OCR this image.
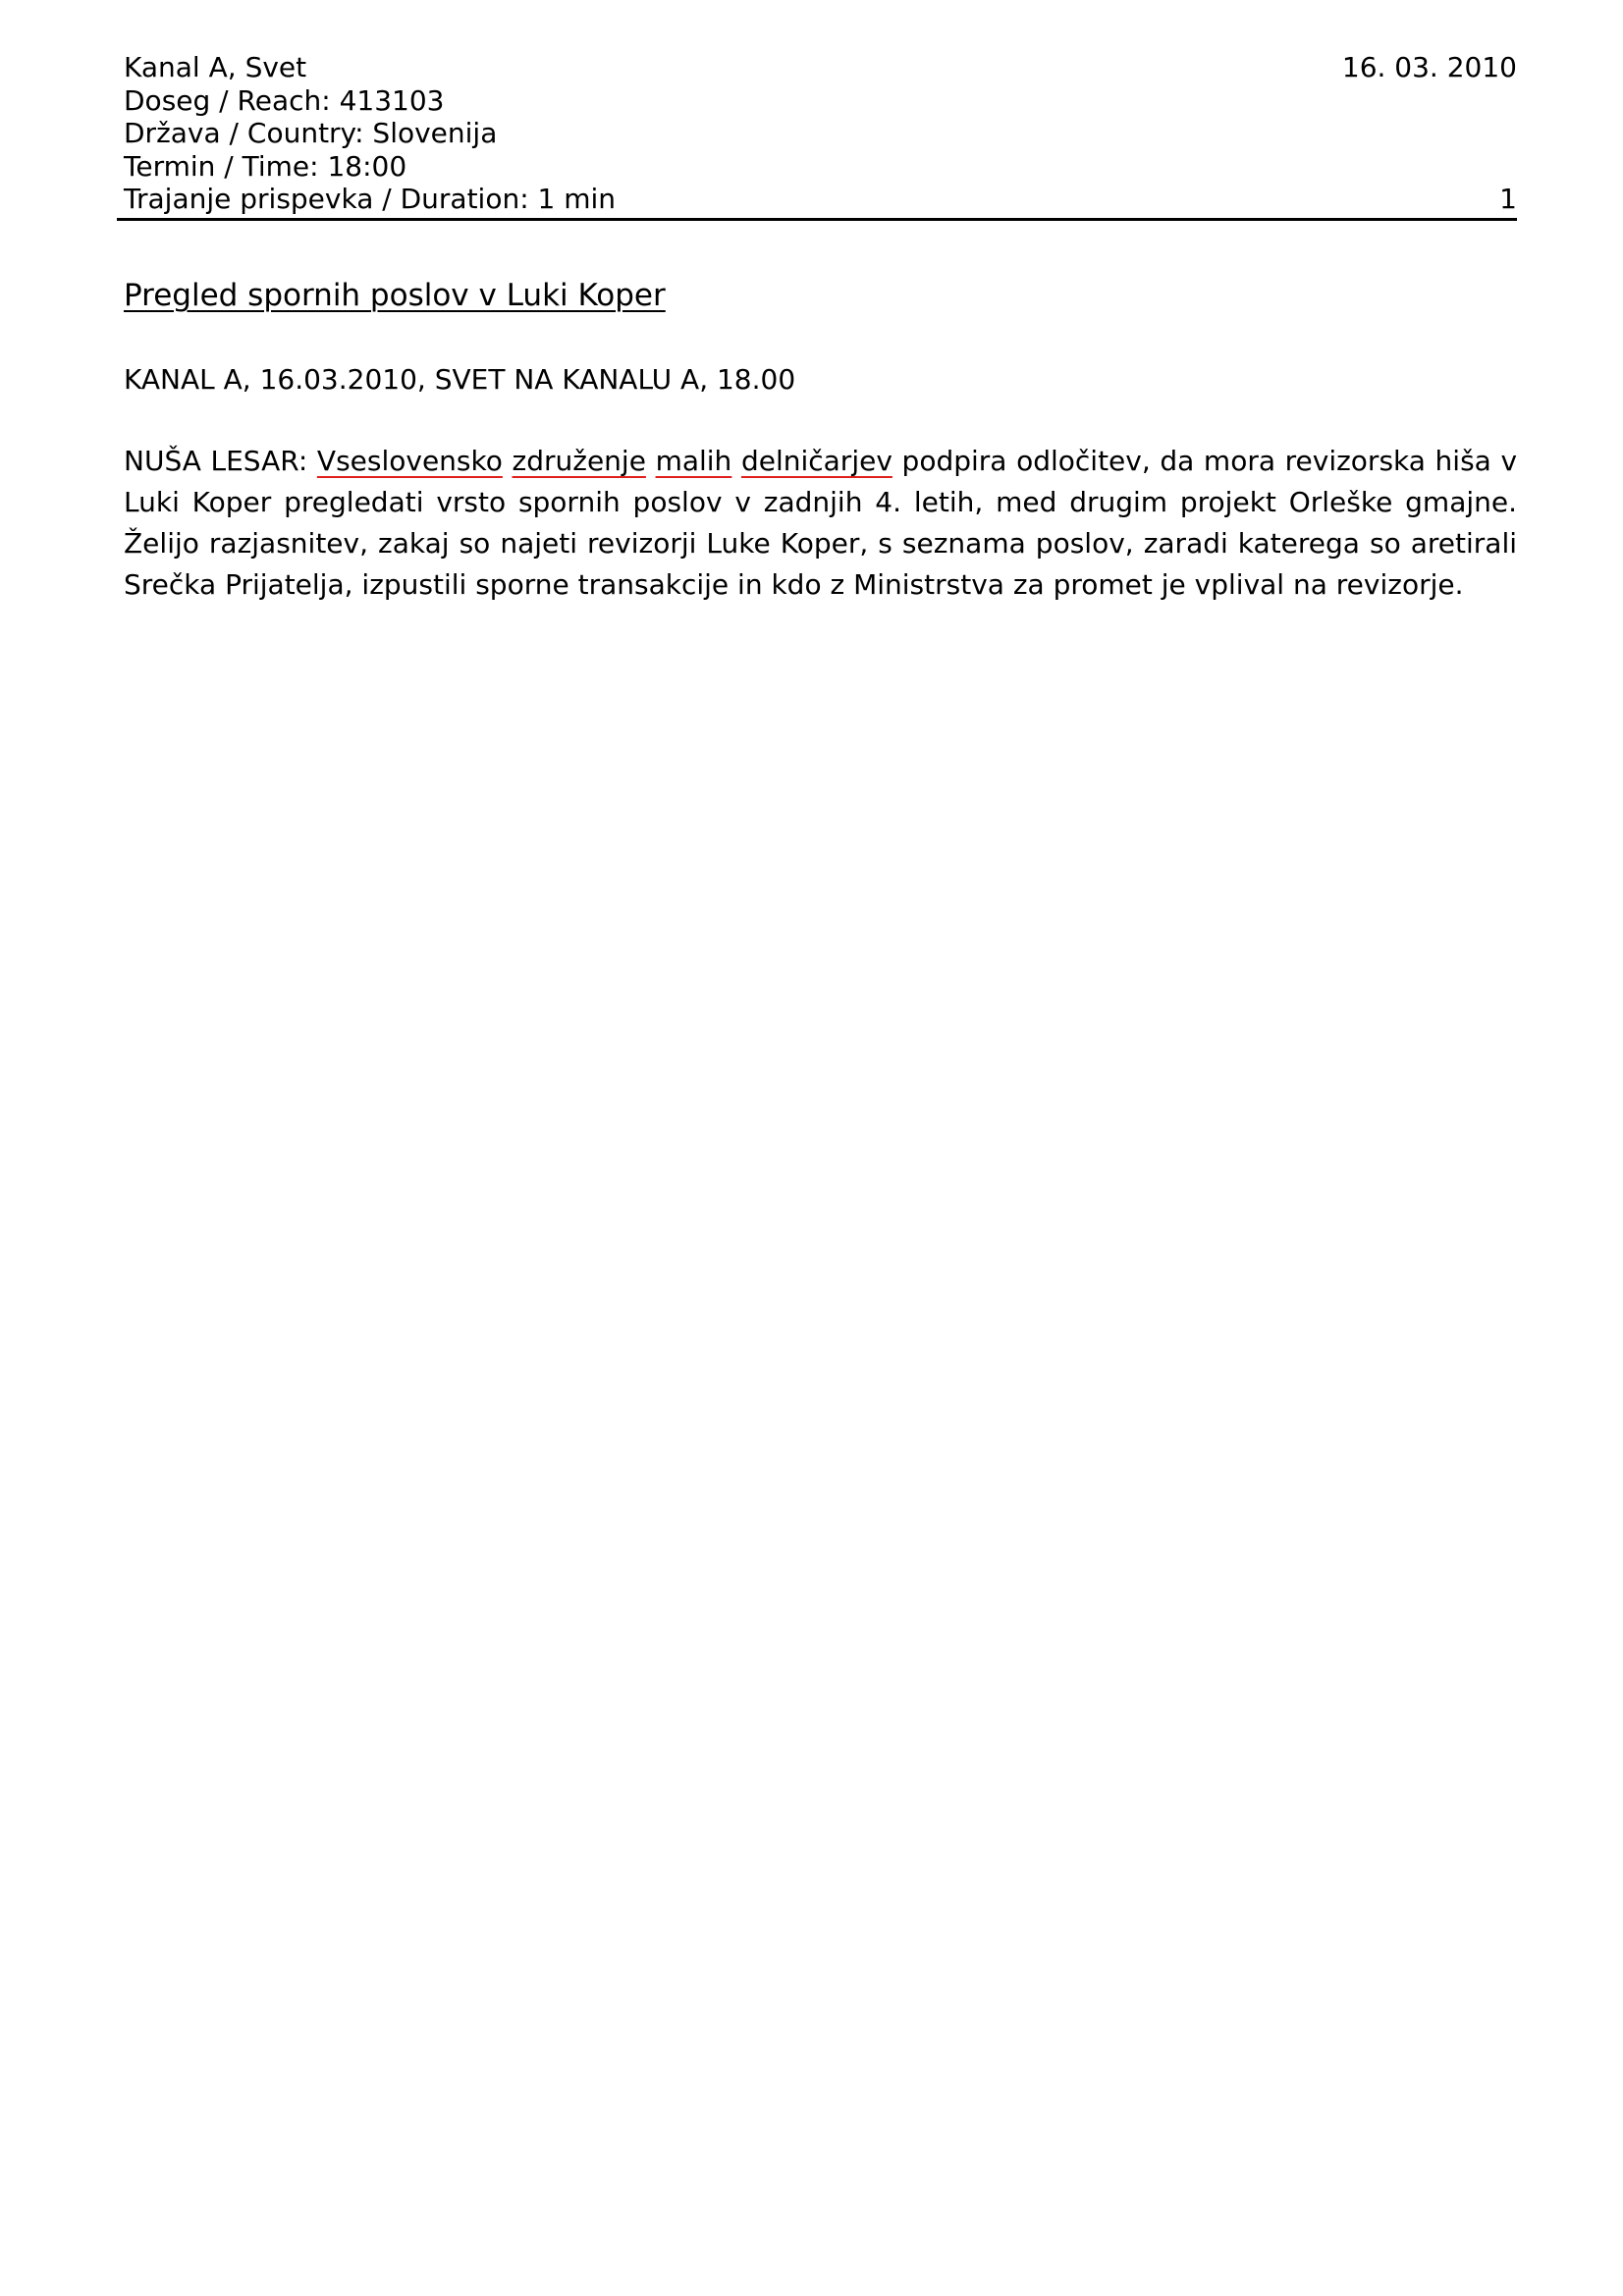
Kanal A, Svet	16. 03. 2010
Doseg / Reach: 413103
Država / Country: Slovenija
Termin / Time: 18:00
Trajanje prispevka / Duration: 1 min	1
Pregled spornih poslov v Luki Koper
KANAL A, 16.03.2010, SVET NA KANALU A, 18.00
NUŠA LESAR: Vseslovensko združenje malih delničarjev podpira odločitev, da mora revizorska hiša v Luki Koper pregledati vrsto spornih poslov v zadnjih 4. letih, med drugim projekt Orleške gmajne. Želijo razjasnitev, zakaj so najeti revizorji Luke Koper, s seznama poslov, zaradi katerega so aretirali Srečka Prijatelja, izpustili sporne transakcije in kdo z Ministrstva za promet je vplival na revizorje.
